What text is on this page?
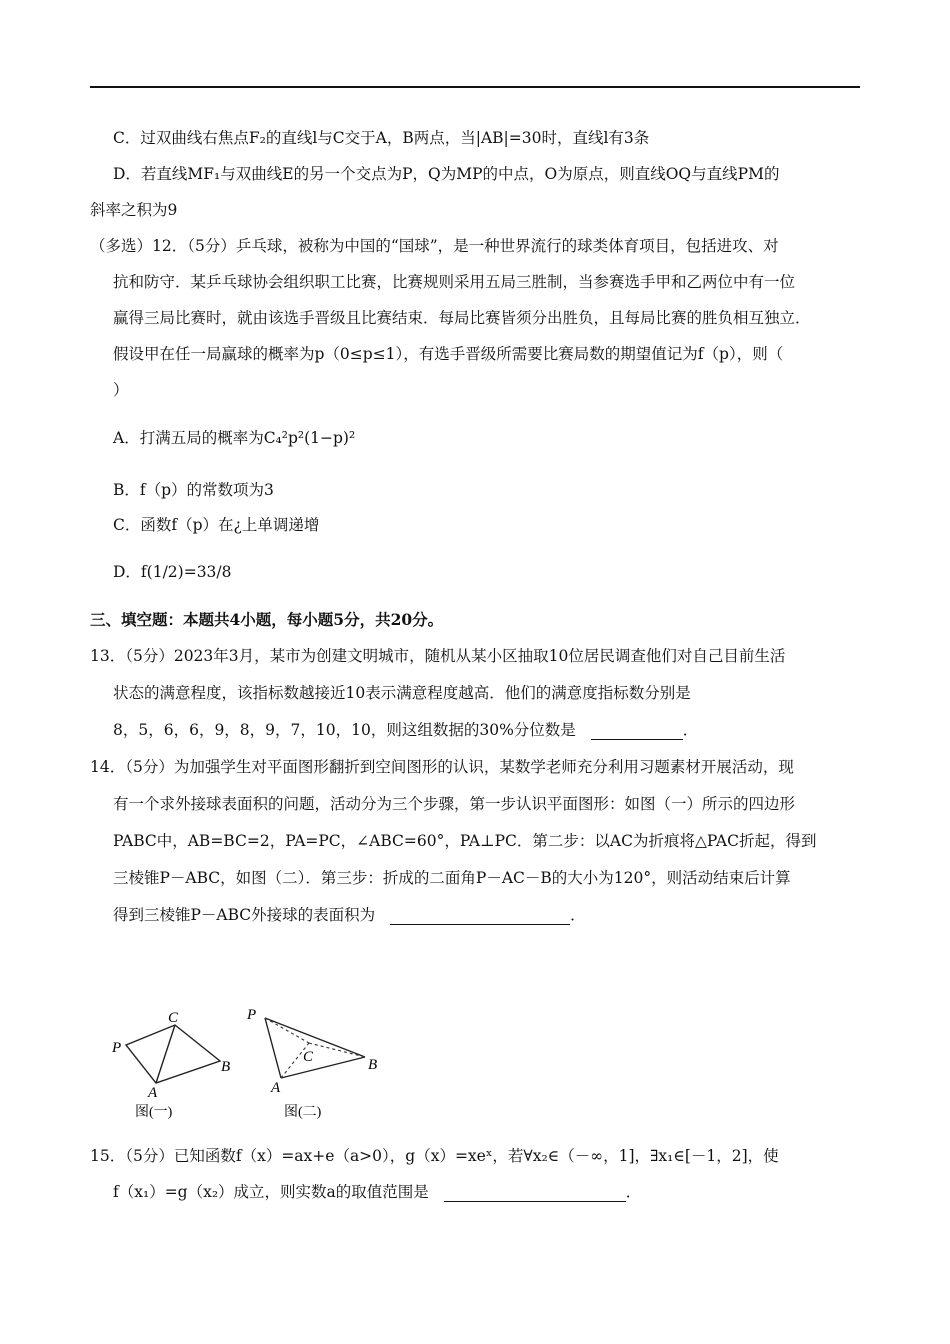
C．过双曲线右焦点F₂的直线l与C交于A，B两点，当|AB|=30时，直线l有3条
D．若直线MF₁与双曲线E的另一个交点为P，Q为MP的中点，O为原点，则直线OQ与直线PM的
斜率之积为9
（多选）12．（5分）乒乓球，被称为中国的“国球”，是一种世界流行的球类体育项目，包括进攻、对
抗和防守．某乒乓球协会组织职工比赛，比赛规则采用五局三胜制，当参赛选手甲和乙两位中有一位
赢得三局比赛时，就由该选手晋级且比赛结束．每局比赛皆须分出胜负，且每局比赛的胜负相互独立．
假设甲在任一局赢球的概率为p（0≤p≤1），有选手晋级所需要比赛局数的期望值记为f（p），则（
）
A．打满五局的概率为C₄²p²(1−p)²
B．f（p）的常数项为3
C．函数f（p）在¿上单调递增
D．f(1/2)=33/8
三、填空题：本题共4小题，每小题5分，共20分。
13．（5分）2023年3月，某市为创建文明城市，随机从某小区抽取10位居民调查他们对自己目前生活
状态的满意程度，该指标数越接近10表示满意程度越高．他们的满意度指标数分别是
8，5，6，6，9，8，9，7，10，10，则这组数据的30%分位数是	．
14．（5分）为加强学生对平面图形翻折到空间图形的认识，某数学老师充分利用习题素材开展活动，现
有一个求外接球表面积的问题，活动分为三个步骤，第一步认识平面图形：如图（一）所示的四边形
PABC中，AB=BC=2，PA=PC，∠ABC=60°，PA⊥PC．第二步：以AC为折痕将△PAC折起，得到
三棱锥P－ABC，如图（二）．第三步：折成的二面角P－AC－B的大小为120°，则活动结束后计算
得到三棱锥P－ABC外接球的表面积为	．
P
C
B
A
图(一)
P
C	B
A
图(二)
15．（5分）已知函数f（x）=ax+e（a>0），g（x）=xeˣ，若∀x₂∈（－∞，1]，∃x₁∈[－1，2]，使
f（x₁）=g（x₂）成立，则实数a的取值范围是	．
